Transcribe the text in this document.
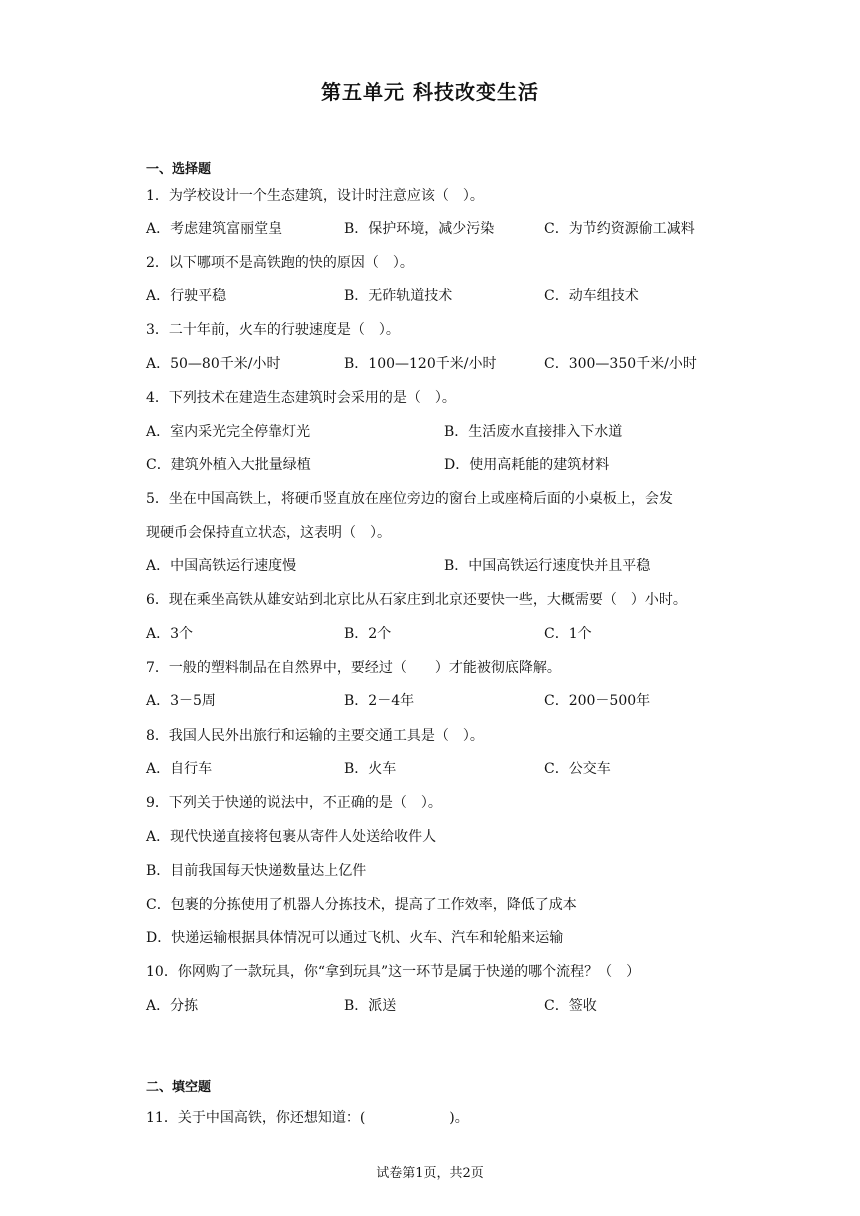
第五单元 科技改变生活
一、选择题
1．为学校设计一个生态建筑，设计时注意应该（　）。
A．考虑建筑富丽堂皇	B．保护环境，减少污染	C．为节约资源偷工减料
2．以下哪项不是高铁跑的快的原因（　）。
A．行驶平稳	B．无砟轨道技术	C．动车组技术
3．二十年前，火车的行驶速度是（　）。
A．50—80千米/小时	B．100—120千米/小时	C．300—350千米/小时
4．下列技术在建造生态建筑时会采用的是（　）。
A．室内采光完全停靠灯光	B．生活废水直接排入下水道
C．建筑外植入大批量绿植	D．使用高耗能的建筑材料
5．坐在中国高铁上，将硬币竖直放在座位旁边的窗台上或座椅后面的小桌板上，会发
现硬币会保持直立状态，这表明（　）。
A．中国高铁运行速度慢	B．中国高铁运行速度快并且平稳
6．现在乘坐高铁从雄安站到北京比从石家庄到北京还要快一些，大概需要（　）小时。
A．3个	B．2个	C．1个
7．一般的塑料制品在自然界中，要经过（　　）才能被彻底降解。
A．3－5周	B．2－4年	C．200－500年
8．我国人民外出旅行和运输的主要交通工具是（　）。
A．自行车	B．火车	C．公交车
9．下列关于快递的说法中，不正确的是（　）。
A．现代快递直接将包裹从寄件人处送给收件人
B．目前我国每天快递数量达上亿件
C．包裹的分拣使用了机器人分拣技术，提高了工作效率，降低了成本
D．快递运输根据具体情况可以通过飞机、火车、汽车和轮船来运输
10．你网购了一款玩具，你“拿到玩具”这一环节是属于快递的哪个流程？（　）
A．分拣	B．派送	C．签收
二、填空题
11．关于中国高铁，你还想知道：(　　　　　　)。
试卷第1页，共2页
